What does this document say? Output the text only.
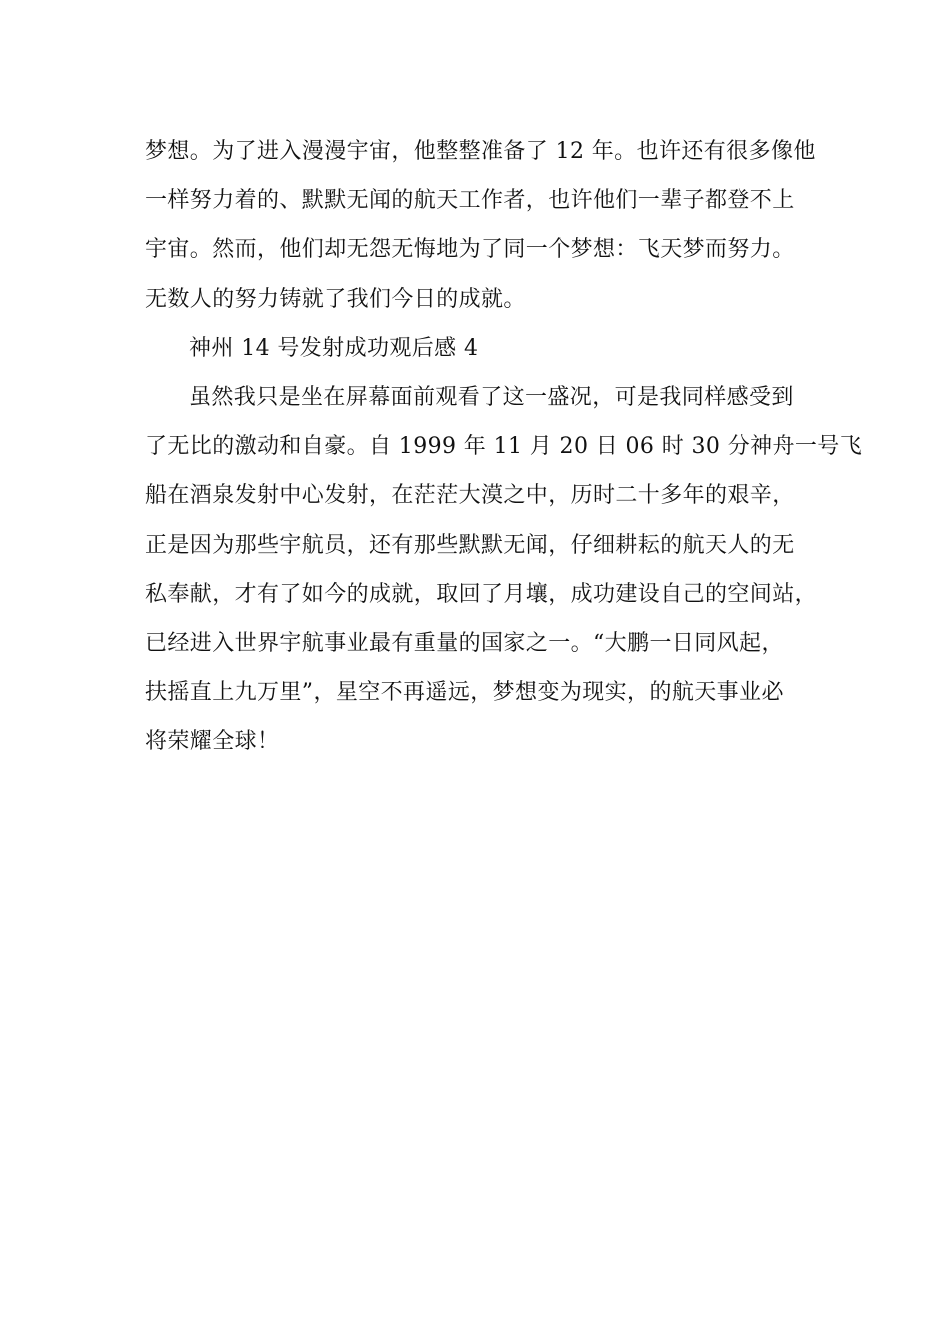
梦想。为了进入漫漫宇宙，他整整准备了 12 年。也许还有很多像他
一样努力着的、默默无闻的航天工作者，也许他们一辈子都登不上
宇宙。然而，他们却无怨无悔地为了同一个梦想：飞天梦而努力。
无数人的努力铸就了我们今日的成就。
神州 14 号发射成功观后感 4
虽然我只是坐在屏幕面前观看了这一盛况，可是我同样感受到
了无比的激动和自豪。自 1999 年 11 月 20 日 06 时 30 分神舟一号飞
船在酒泉发射中心发射，在茫茫大漠之中，历时二十多年的艰辛，
正是因为那些宇航员，还有那些默默无闻，仔细耕耘的航天人的无
私奉献，才有了如今的成就，取回了月壤，成功建设自己的空间站，
已经进入世界宇航事业最有重量的国家之一。“大鹏一日同风起，
扶摇直上九万里”，星空不再遥远，梦想变为现实，的航天事业必
将荣耀全球！
